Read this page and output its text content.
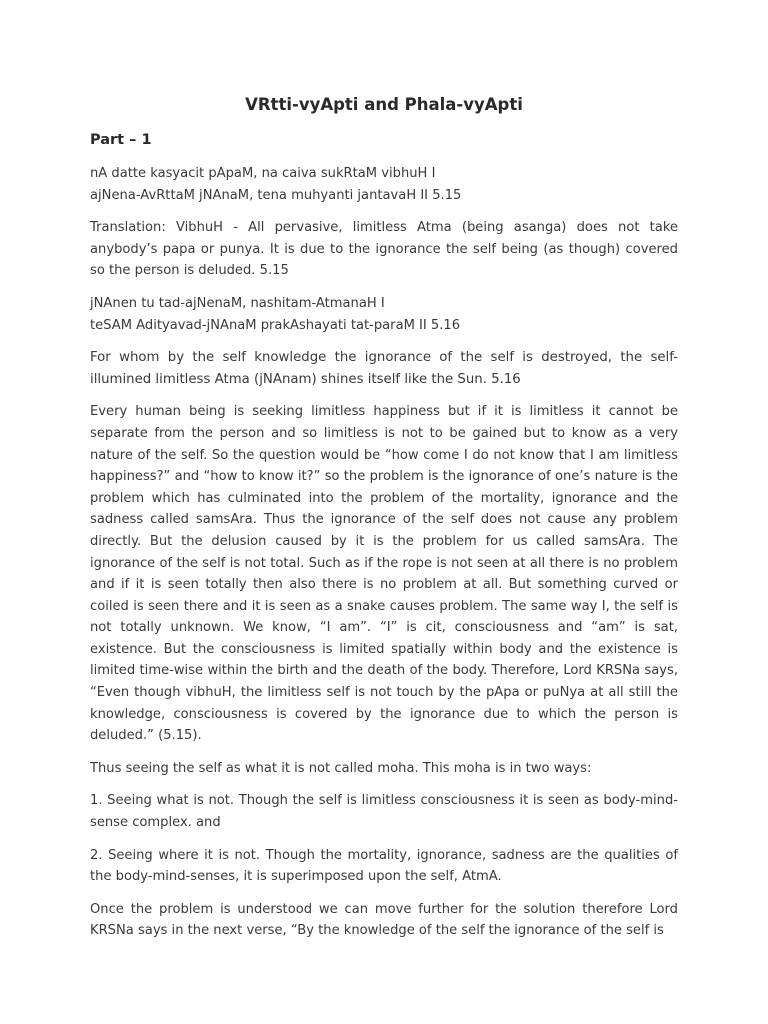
VRtti-vyApti and Phala-vyApti
Part – 1
nA datte kasyacit pApaM, na caiva sukRtaM vibhuH I
ajNena-AvRttaM jNAnaM, tena muhyanti jantavaH II 5.15

Translation: VibhuH - All pervasive, limitless Atma (being asanga) does not take anybody’s papa or punya. It is due to the ignorance the self being (as though) covered so the person is deluded. 5.15

jNAnen tu tad-ajNenaM, nashitam-AtmanaH I
teSAM Adityavad-jNAnaM prakAshayati tat-paraM II 5.16

For whom by the self knowledge the ignorance of the self is destroyed, the self-illumined limitless Atma (jNAnam) shines itself like the Sun. 5.16

Every human being is seeking limitless happiness but if it is limitless it cannot be separate from the person and so limitless is not to be gained but to know as a very nature of the self. So the question would be “how come I do not know that I am limitless happiness?” and “how to know it?” so the problem is the ignorance of one’s nature is the problem which has culminated into the problem of the mortality, ignorance and the sadness called samsAra. Thus the ignorance of the self does not cause any problem directly. But the delusion caused by it is the problem for us called samsAra. The ignorance of the self is not total. Such as if the rope is not seen at all there is no problem and if it is seen totally then also there is no problem at all. But something curved or coiled is seen there and it is seen as a snake causes problem. The same way I, the self is not totally unknown. We know, “I am”. “I” is cit, consciousness and “am” is sat, existence. But the consciousness is limited spatially within body and the existence is limited time-wise within the birth and the death of the body. Therefore, Lord KRSNa says, “Even though vibhuH, the limitless self is not touch by the pApa or puNya at all still the knowledge, consciousness is covered by the ignorance due to which the person is deluded.” (5.15).

Thus seeing the self as what it is not called moha. This moha is in two ways:

1. Seeing what is not. Though the self is limitless consciousness it is seen as body-mind-sense complex. and

2. Seeing where it is not. Though the mortality, ignorance, sadness are the qualities of the body-mind-senses, it is superimposed upon the self, AtmA.

Once the problem is understood we can move further for the solution therefore Lord KRSNa says in the next verse, “By the knowledge of the self the ignorance of the self is
